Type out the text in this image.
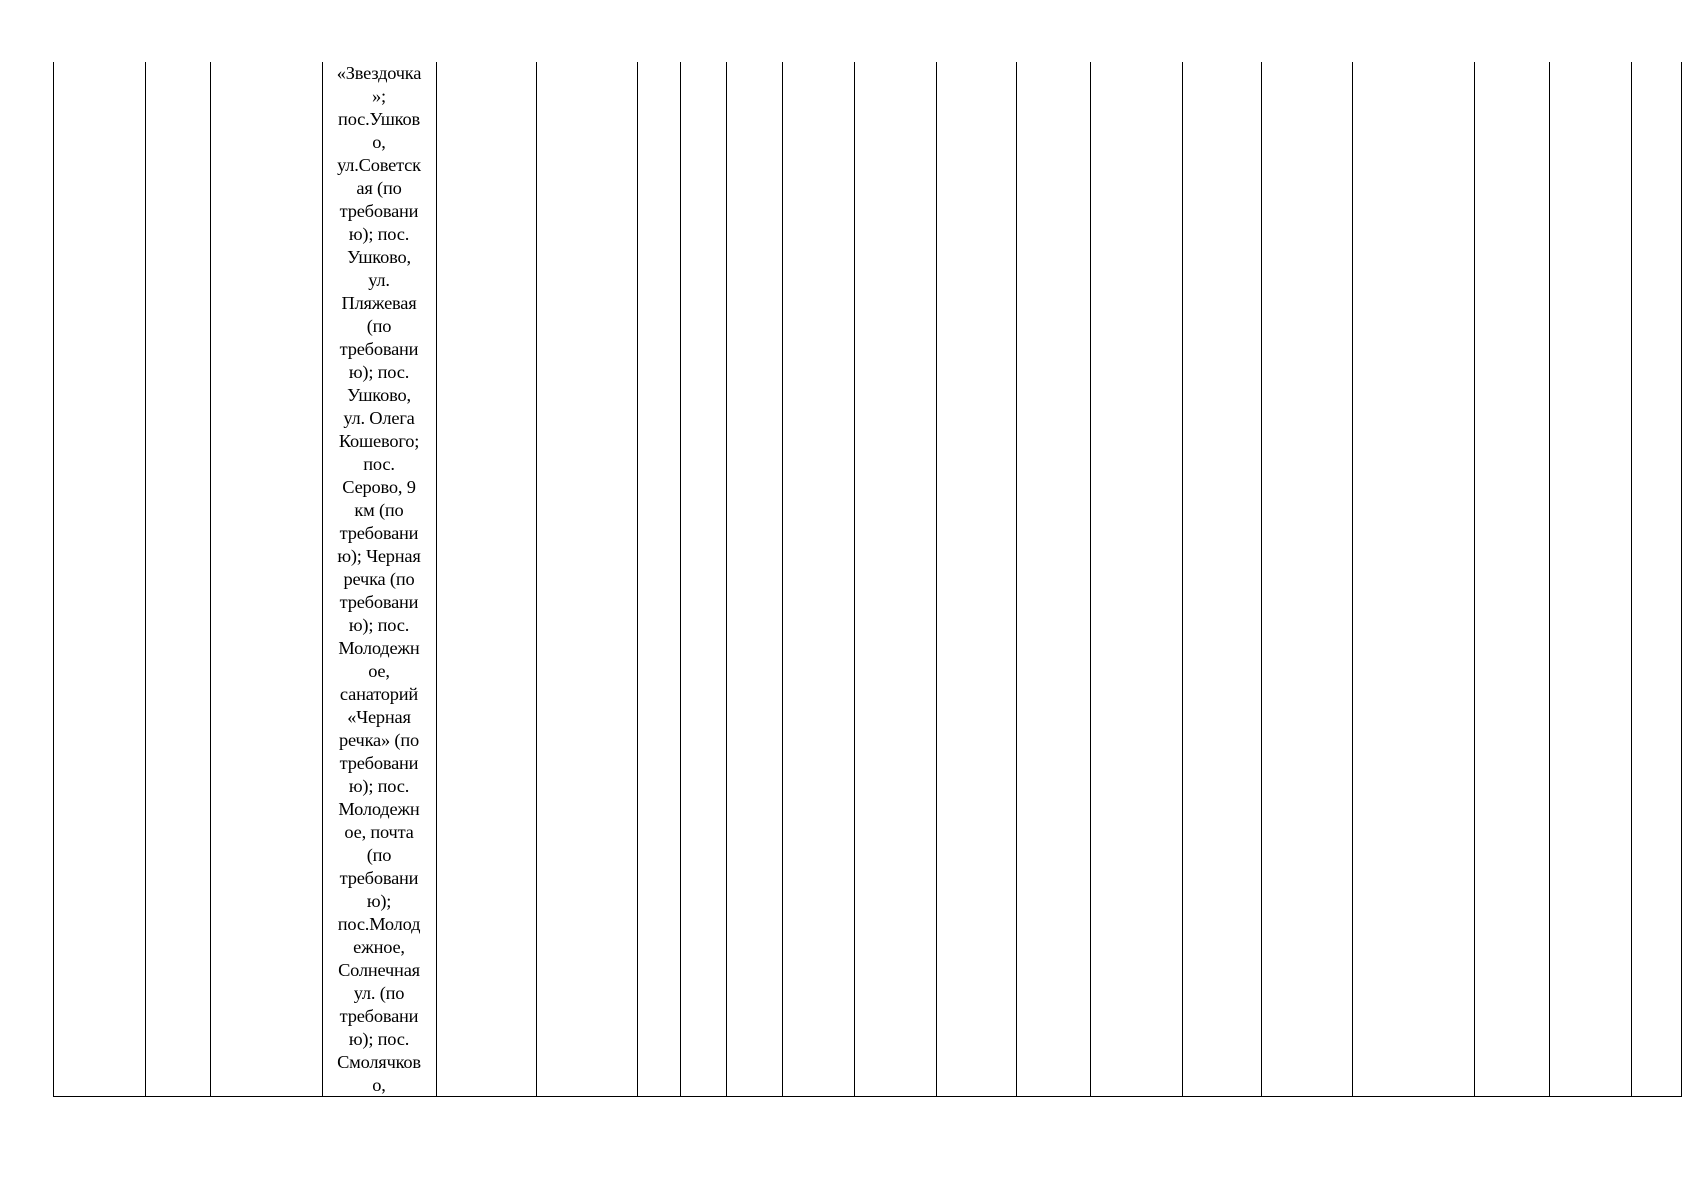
«Звездочка
»;
пос.Ушков
о,
ул.Советск
ая (по
требовани
ю); пос.
Ушково,
ул.
Пляжевая
(по
требовани
ю); пос.
Ушково,
ул. Олега
Кошевого;
пос.
Серово, 9
км (по
требовани
ю); Черная
речка (по
требовани
ю); пос.
Молодежн
ое,
санаторий
«Черная
речка» (по
требовани
ю); пос.
Молодежн
ое, почта
(по
требовани
ю);
пос.Молод
ежное,
Солнечная
ул. (по
требовани
ю); пос.
Смолячков
о,
